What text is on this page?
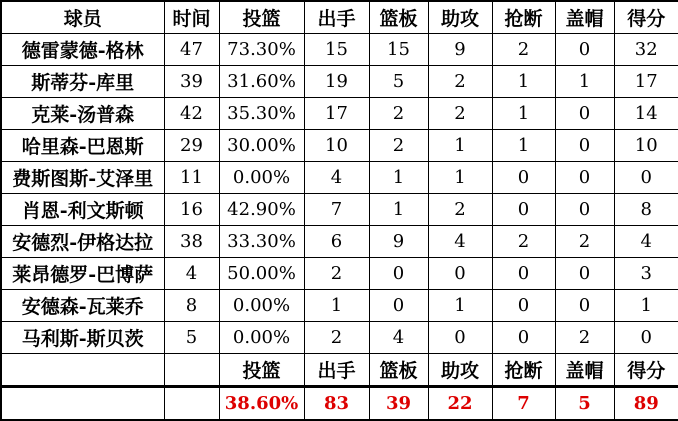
球员	时间	投篮	出手	篮板	助攻	抢断	盖帽	得分
德雷蒙德-格林	47	73.30%	15	15	9	2	0	32
斯蒂芬-库里	39	31.60%	19	5	2	1	1	17
克莱-汤普森	42	35.30%	17	2	2	1	0	14
哈里森-巴恩斯	29	30.00%	10	2	1	1	0	10
费斯图斯-艾泽里	11	0.00%	4	1	1	0	0	0
肖恩-利文斯顿	16	42.90%	7	1	2	0	0	8
安德烈-伊格达拉	38	33.30%	6	9	4	2	2	4
莱昂德罗-巴博萨	4	50.00%	2	0	0	0	0	3
安德森-瓦莱乔	8	0.00%	1	0	1	0	0	1
马利斯-斯贝茨	5	0.00%	2	4	0	0	2	0
		投篮	出手	篮板	助攻	抢断	盖帽	得分
		38.60%	83	39	22	7	5	89
